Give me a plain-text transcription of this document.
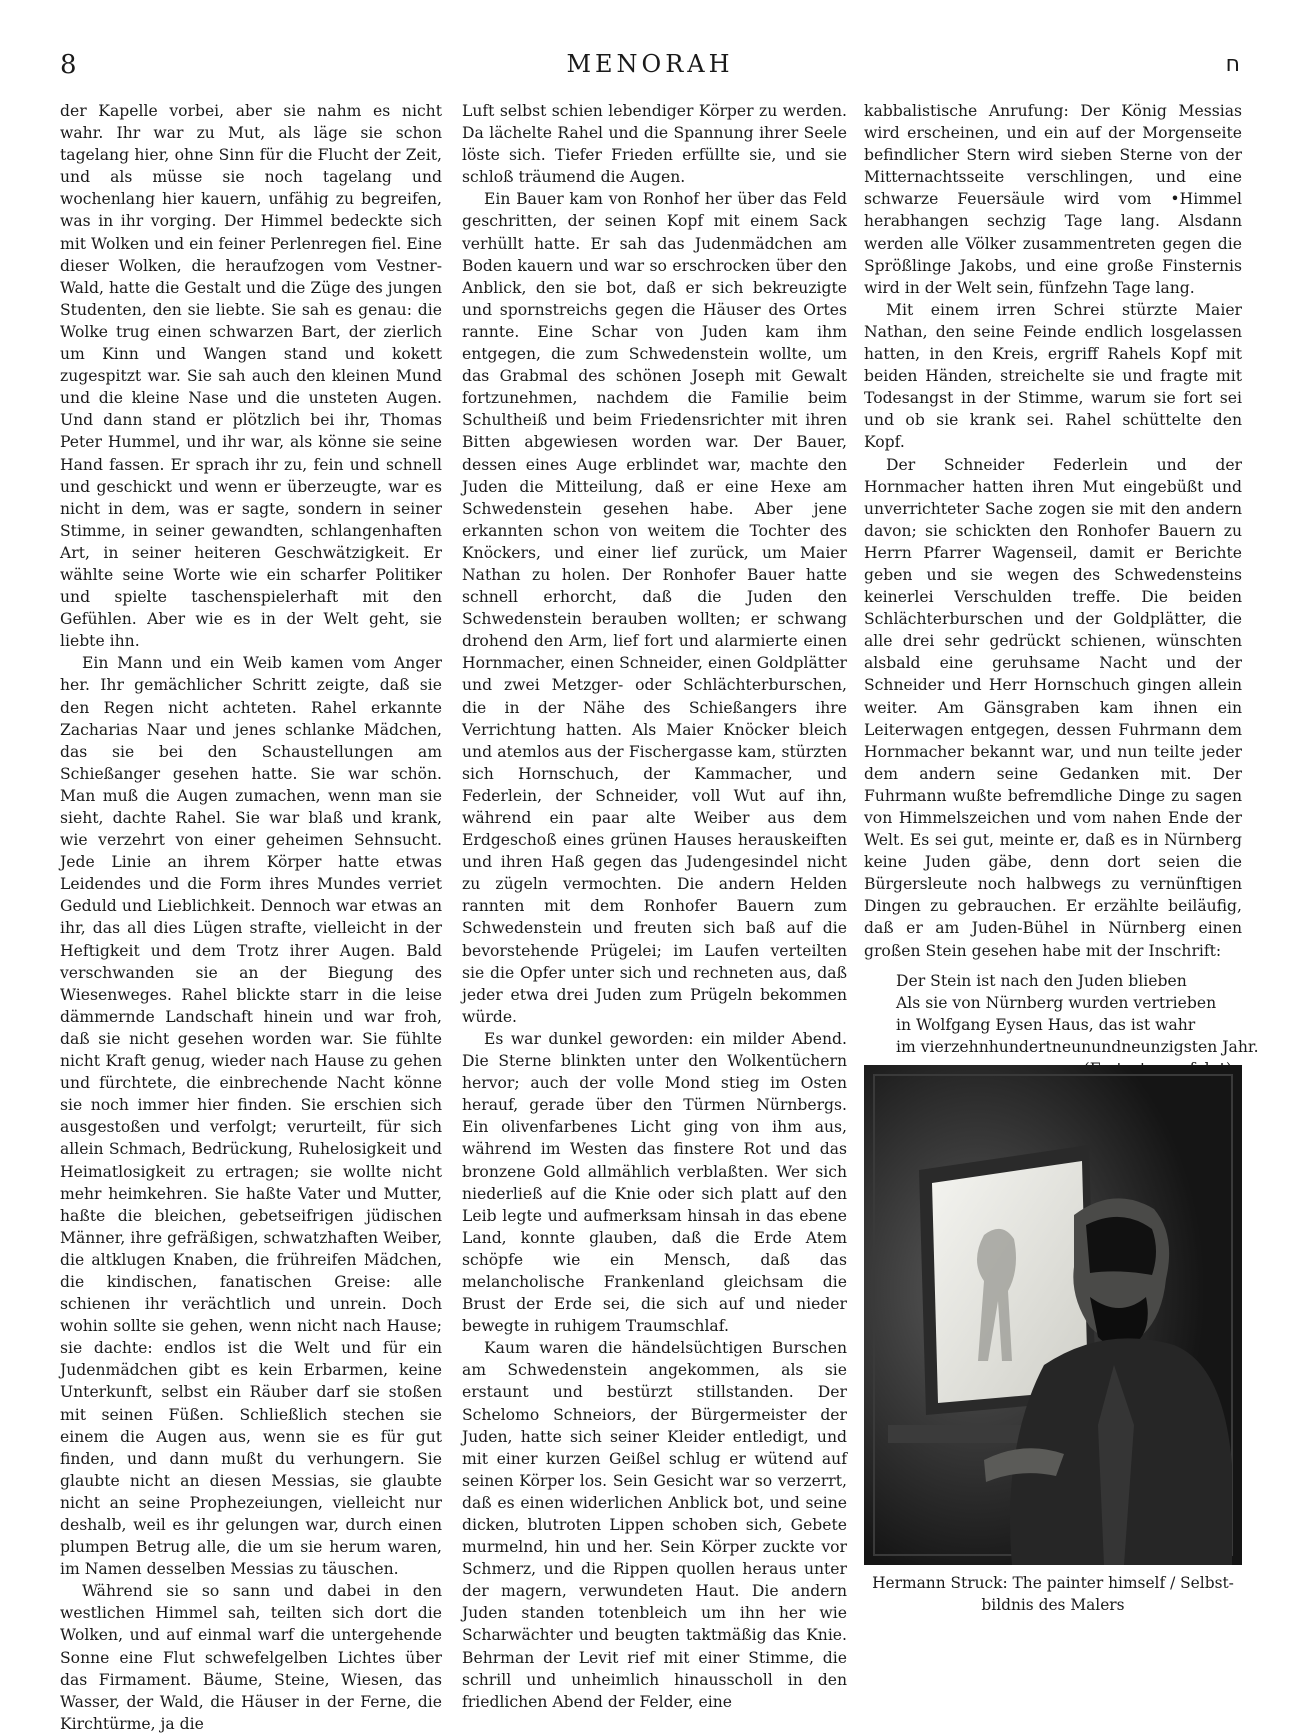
8	MENORAH	ח

der Kapelle vorbei, aber sie nahm es nicht wahr. Ihr war zu Mut, als läge sie schon tagelang hier, ohne Sinn für die Flucht der Zeit, und als müsse sie noch tagelang und wochenlang hier kauern, unfähig zu begreifen, was in ihr vorging. Der Himmel bedeckte sich mit Wolken und ein feiner Perlenregen fiel. Eine dieser Wolken, die heraufzogen vom Vestner-Wald, hatte die Gestalt und die Züge des jungen Studenten, den sie liebte. Sie sah es genau: die Wolke trug einen schwarzen Bart, der zierlich um Kinn und Wangen stand und kokett zugespitzt war. Sie sah auch den kleinen Mund und die kleine Nase und die unsteten Augen. Und dann stand er plötzlich bei ihr, Thomas Peter Hummel, und ihr war, als könne sie seine Hand fassen. Er sprach ihr zu, fein und schnell und geschickt und wenn er überzeugte, war es nicht in dem, was er sagte, sondern in seiner Stimme, in seiner gewandten, schlangenhaften Art, in seiner heiteren Geschwätzigkeit. Er wählte seine Worte wie ein scharfer Politiker und spielte taschenspielerhaft mit den Gefühlen. Aber wie es in der Welt geht, sie liebte ihn.

Ein Mann und ein Weib kamen vom Anger her. Ihr gemächlicher Schritt zeigte, daß sie den Regen nicht achteten. Rahel erkannte Zacharias Naar und jenes schlanke Mädchen, das sie bei den Schaustellungen am Schießanger gesehen hatte. Sie war schön. Man muß die Augen zumachen, wenn man sie sieht, dachte Rahel. Sie war blaß und krank, wie verzehrt von einer geheimen Sehnsucht. Jede Linie an ihrem Körper hatte etwas Leidendes und die Form ihres Mundes verriet Geduld und Lieblichkeit. Dennoch war etwas an ihr, das all dies Lügen strafte, vielleicht in der Heftigkeit und dem Trotz ihrer Augen. Bald verschwanden sie an der Biegung des Wiesenweges. Rahel blickte starr in die leise dämmernde Landschaft hinein und war froh, daß sie nicht gesehen worden war. Sie fühlte nicht Kraft genug, wieder nach Hause zu gehen und fürchtete, die einbrechende Nacht könne sie noch immer hier finden. Sie erschien sich ausgestoßen und verfolgt; verurteilt, für sich allein Schmach, Bedrückung, Ruhelosigkeit und Heimatlosigkeit zu ertragen; sie wollte nicht mehr heimkehren. Sie haßte Vater und Mutter, haßte die bleichen, gebetseifrigen jüdischen Männer, ihre gefräßigen, schwatzhaften Weiber, die altklugen Knaben, die frühreifen Mädchen, die kindischen, fanatischen Greise: alle schienen ihr verächtlich und unrein. Doch wohin sollte sie gehen, wenn nicht nach Hause; sie dachte: endlos ist die Welt und für ein Judenmädchen gibt es kein Erbarmen, keine Unterkunft, selbst ein Räuber darf sie stoßen mit seinen Füßen. Schließlich stechen sie einem die Augen aus, wenn sie es für gut finden, und dann mußt du verhungern. Sie glaubte nicht an diesen Messias, sie glaubte nicht an seine Prophezeiungen, vielleicht nur deshalb, weil es ihr gelungen war, durch einen plumpen Betrug alle, die um sie herum waren, im Namen desselben Messias zu täuschen.

Während sie so sann und dabei in den westlichen Himmel sah, teilten sich dort die Wolken, und auf einmal warf die untergehende Sonne eine Flut schwefelgelben Lichtes über das Firmament. Bäume, Steine, Wiesen, das Wasser, der Wald, die Häuser in der Ferne, die Kirchtürme, ja die

Luft selbst schien lebendiger Körper zu werden. Da lächelte Rahel und die Spannung ihrer Seele löste sich. Tiefer Frieden erfüllte sie, und sie schloß träumend die Augen.

Ein Bauer kam von Ronhof her über das Feld geschritten, der seinen Kopf mit einem Sack verhüllt hatte. Er sah das Judenmädchen am Boden kauern und war so erschrocken über den Anblick, den sie bot, daß er sich bekreuzigte und spornstreichs gegen die Häuser des Ortes rannte. Eine Schar von Juden kam ihm entgegen, die zum Schwedenstein wollte, um das Grabmal des schönen Joseph mit Gewalt fortzunehmen, nachdem die Familie beim Schultheiß und beim Friedensrichter mit ihren Bitten abgewiesen worden war. Der Bauer, dessen eines Auge erblindet war, machte den Juden die Mitteilung, daß er eine Hexe am Schwedenstein gesehen habe. Aber jene erkannten schon von weitem die Tochter des Knöckers, und einer lief zurück, um Maier Nathan zu holen. Der Ronhofer Bauer hatte schnell erhorcht, daß die Juden den Schwedenstein berauben wollten; er schwang drohend den Arm, lief fort und alarmierte einen Hornmacher, einen Schneider, einen Goldplätter und zwei Metzger- oder Schlächterburschen, die in der Nähe des Schießangers ihre Verrichtung hatten. Als Maier Knöcker bleich und atemlos aus der Fischergasse kam, stürzten sich Hornschuch, der Kammacher, und Federlein, der Schneider, voll Wut auf ihn, während ein paar alte Weiber aus dem Erdgeschoß eines grünen Hauses herauskeiften und ihren Haß gegen das Judengesindel nicht zu zügeln vermochten. Die andern Helden rannten mit dem Ronhofer Bauern zum Schwedenstein und freuten sich baß auf die bevorstehende Prügelei; im Laufen verteilten sie die Opfer unter sich und rechneten aus, daß jeder etwa drei Juden zum Prügeln bekommen würde.

Es war dunkel geworden: ein milder Abend. Die Sterne blinkten unter den Wolkentüchern hervor; auch der volle Mond stieg im Osten herauf, gerade über den Türmen Nürnbergs. Ein olivenfarbenes Licht ging von ihm aus, während im Westen das finstere Rot und das bronzene Gold allmählich verblaßten. Wer sich niederließ auf die Knie oder sich platt auf den Leib legte und aufmerksam hinsah in das ebene Land, konnte glauben, daß die Erde Atem schöpfe wie ein Mensch, daß das melancholische Frankenland gleichsam die Brust der Erde sei, die sich auf und nieder bewegte in ruhigem Traumschlaf.

Kaum waren die händelsüchtigen Burschen am Schwedenstein angekommen, als sie erstaunt und bestürzt stillstanden. Der Schelomo Schneiors, der Bürgermeister der Juden, hatte sich seiner Kleider entledigt, und mit einer kurzen Geißel schlug er wütend auf seinen Körper los. Sein Gesicht war so verzerrt, daß es einen widerlichen Anblick bot, und seine dicken, blutroten Lippen schoben sich, Gebete murmelnd, hin und her. Sein Körper zuckte vor Schmerz, und die Rippen quollen heraus unter der magern, verwundeten Haut. Die andern Juden standen totenbleich um ihn her wie Scharwächter und beugten taktmäßig das Knie. Behrman der Levit rief mit einer Stimme, die schrill und unheimlich hinausscholl in den friedlichen Abend der Felder, eine

kabbalistische Anrufung: Der König Messias wird erscheinen, und ein auf der Morgenseite befindlicher Stern wird sieben Sterne von der Mitternachtsseite verschlingen, und eine schwarze Feuersäule wird vom •Himmel herabhangen sechzig Tage lang. Alsdann werden alle Völker zusammentreten gegen die Sprößlinge Jakobs, und eine große Finsternis wird in der Welt sein, fünfzehn Tage lang.

Mit einem irren Schrei stürzte Maier Nathan, den seine Feinde endlich losgelassen hatten, in den Kreis, ergriff Rahels Kopf mit beiden Händen, streichelte sie und fragte mit Todesangst in der Stimme, warum sie fort sei und ob sie krank sei. Rahel schüttelte den Kopf.

Der Schneider Federlein und der Hornmacher hatten ihren Mut eingebüßt und unverrichteter Sache zogen sie mit den andern davon; sie schickten den Ronhofer Bauern zu Herrn Pfarrer Wagenseil, damit er Berichte geben und sie wegen des Schwedensteins keinerlei Verschulden treffe. Die beiden Schlächterburschen und der Goldplätter, die alle drei sehr gedrückt schienen, wünschten alsbald eine geruhsame Nacht und der Schneider und Herr Hornschuch gingen allein weiter. Am Gänsgraben kam ihnen ein Leiterwagen entgegen, dessen Fuhrmann dem Hornmacher bekannt war, und nun teilte jeder dem andern seine Gedanken mit. Der Fuhrmann wußte befremdliche Dinge zu sagen von Himmelszeichen und vom nahen Ende der Welt. Es sei gut, meinte er, daß es in Nürnberg keine Juden gäbe, denn dort seien die Bürgersleute noch halbwegs zu vernünftigen Dingen zu gebrauchen. Er erzählte beiläufig, daß er am Juden-Bühel in Nürnberg einen großen Stein gesehen habe mit der Inschrift:

Der Stein ist nach den Juden blieben
Als sie von Nürnberg wurden vertrieben
in Wolfgang Eysen Haus, das ist wahr
im vierzehnhundertneunundneunzigsten Jahr.
Hermann Struck: The painter himself / Selbst-
bildnis des Malers
